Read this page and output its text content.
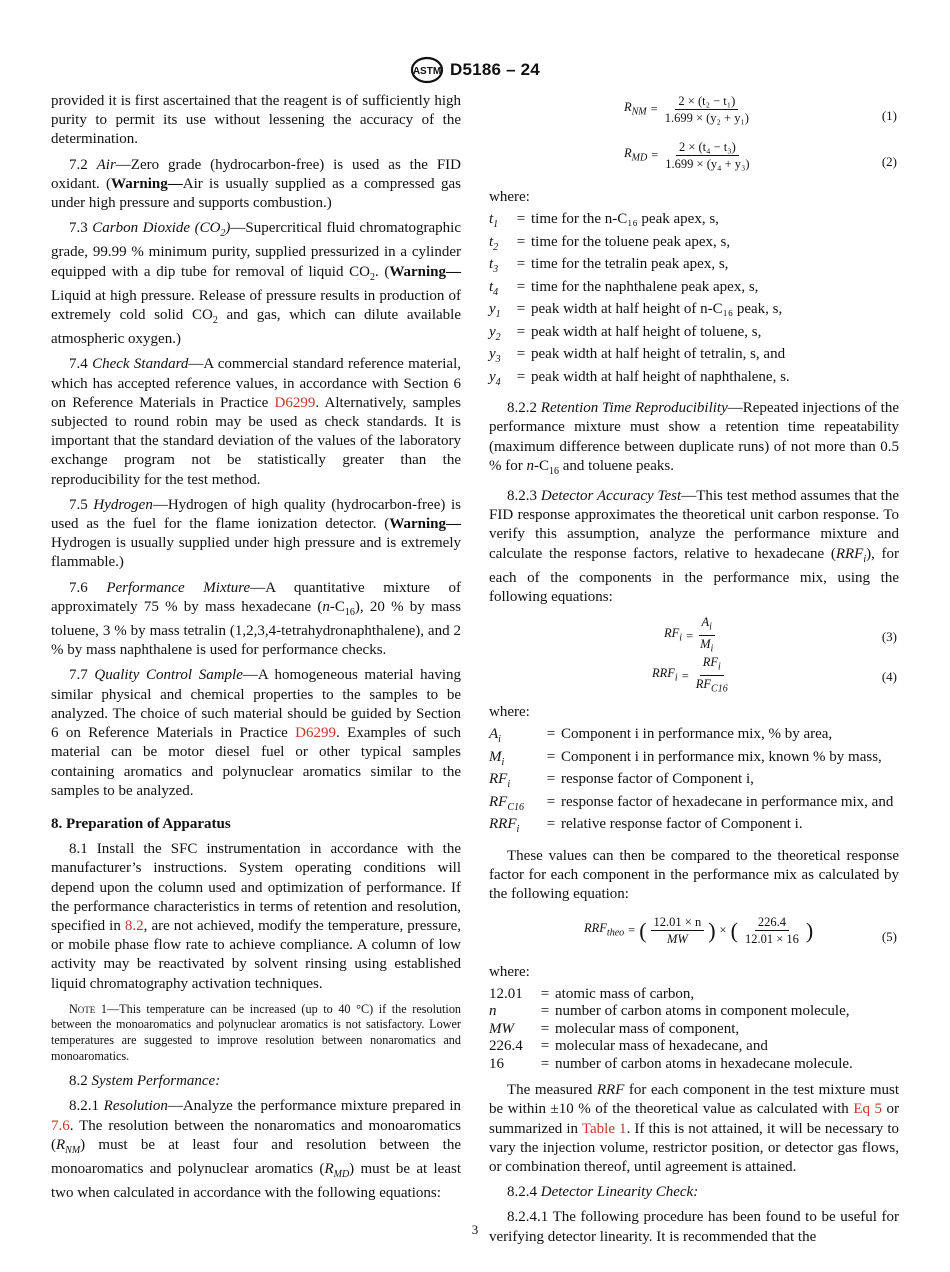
ASTM D5186 – 24

provided it is first ascertained that the reagent is of sufficiently high purity to permit its use without lessening the accuracy of the determination.

7.2 Air—Zero grade (hydrocarbon-free) is used as the FID oxidant. (Warning—Air is usually supplied as a compressed gas under high pressure and supports combustion.)

7.3 Carbon Dioxide $(CO_2)—Supercritical$ fluid chromatographic grade, 99.99 % minimum purity, supplied pressurized in a cylinder equipped with a dip tube for removal of liquid $CO_2$. (Warning—Liquid at high pressure. Release of pressure results in production of extremely cold solid $CO_2$ and gas, which can dilute available atmospheric oxygen.)

7.4 Check Standard—A commercial standard reference material, which has accepted reference values, in accordance with Section 6 on Reference Materials in Practice D6299. Alternatively, samples subjected to round robin may be used as check standards. It is important that the standard deviation of the values of the laboratory exchange program not be statistically greater than the reproducibility for the test method.

7.5 Hydrogen—Hydrogen of high quality (hydrocarbon-free) is used as the fuel for the flame ionization detector. (Warning—Hydrogen is usually supplied under high pressure and is extremely flammable.)

7.6 Performance Mixture—A quantitative mixture of approximately 75 % by mass hexadecane $(n-C_{16})$, 20 % by mass toluene, 3 % by mass tetralin (1,2,3,4-tetrahydronaphthalene), and 2 % by mass naphthalene is used for performance checks.

7.7 Quality Control Sample—A homogeneous material having similar physical and chemical properties to the samples to be analyzed. The choice of such material should be guided by Section 6 on Reference Materials in Practice D6299. Examples of such material can be motor diesel fuel or other typical samples containing aromatics and polynuclear aromatics similar to the samples to be analyzed.

8. Preparation of Apparatus

8.1 Install the SFC instrumentation in accordance with the manufacturer’s instructions. System operating conditions will depend upon the column used and optimization of performance. If the performance characteristics in terms of retention and resolution, specified in 8.2, are not achieved, modify the temperature, pressure, or mobile phase flow rate to achieve compliance. A column of low activity may be reactivated by solvent rinsing using established liquid chromatography activation techniques.

Note 1—This temperature can be increased (up to 40 °C) if the resolution between the monoaromatics and polynuclear aromatics is not satisfactory. Lower temperatures are suggested to improve resolution between nonaromatics and monoaromatics.

8.2 System Performance:

8.2.1 Resolution—Analyze the performance mixture prepared in 7.6. The resolution between the nonaromatics and monoaromatics $(R_{NM})$ must be at least four and resolution between the monoaromatics and polynuclear aromatics $(R_{MD})$ must be at least two when calculated in accordance with the following equations:

$R_{NM} = \frac{\text{2 × (t₂ − t₁)}}{\text{1.699 × (y₂ + y₁)}}$	(1)
$R_{MD} = \frac{\text{2 × (t₄ − t₃)}}{\text{1.699 × (y₄ + y₃)}}$	(2)
where:
$t_1$	=	time for the n-C₁₆ peak apex, s,
$t_2$	=	time for the toluene peak apex, s,
$t_3$	=	time for the tetralin peak apex, s,
$t_4$	=	time for the naphthalene peak apex, s,
$y_1$	=	peak width at half height of n-C₁₆ peak, s,
$y_2$	=	peak width at half height of toluene, s,
$y_3$	=	peak width at half height of tetralin, s, and
$y_4$	=	peak width at half height of naphthalene, s.

8.2.2 Retention Time Reproducibility—Repeated injections of the performance mixture must show a retention time repeatability (maximum difference between duplicate runs) of not more than 0.5 % for $n-C_{16}$ and toluene peaks.

8.2.3 Detector Accuracy Test—This test method assumes that the FID response approximates the theoretical unit carbon response. To verify this assumption, analyze the performance mixture and calculate the response factors, relative to hexadecane $(RRF_i)$, for each of the components in the performance mix, using the following equations:

$RF_i = \frac{A_i}{M_i}$	(3)
$RRF_i = \frac{RF_i}{RF_{C16}}$	(4)
where:
$A_i$	=	Component i in performance mix, % by area,
$M_i$	=	Component i in performance mix, known % by mass,
$RF_i$	=	response factor of Component i,
$RF_{C16}$	=	response factor of hexadecane in performance mix, and
$RRF_i$	=	relative response factor of Component i.

These values can then be compared to the theoretical response factor for each component in the performance mix as calculated by the following equation:

$RRF_{theo}$ = ( $\frac{12.01 \times n}{MW}$ ) × ( $\frac{226.4}{12.01 \times 16}$ )	(5)
where:
12.01	=	atomic mass of carbon,
n	=	number of carbon atoms in component molecule,
MW	=	molecular mass of component,
226.4	=	molecular mass of hexadecane, and
16	=	number of carbon atoms in hexadecane molecule.

The measured RRF for each component in the test mixture must be within ±10 % of the theoretical value as calculated with Eq 5 or summarized in Table 1. If this is not attained, it will be necessary to vary the injection volume, restrictor position, or detector gas flows, or combination thereof, until agreement is attained.

8.2.4 Detector Linearity Check:

8.2.4.1 The following procedure has been found to be useful for verifying detector linearity. It is recommended that the

3
